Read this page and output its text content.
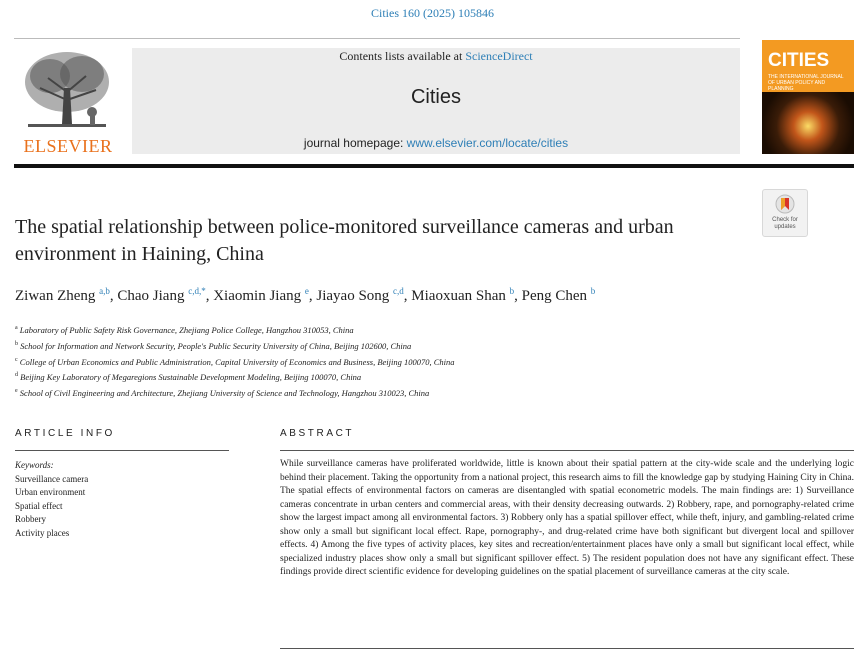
Cities 160 (2025) 105846
ELSEVIER
Contents lists available at ScienceDirect
Cities
journal homepage: www.elsevier.com/locate/cities
CITIES
THE INTERNATIONAL JOURNAL OF URBAN POLICY AND PLANNING
Check for updates
The spatial relationship between police-monitored surveillance cameras and urban environment in Haining, China
Ziwan Zheng $^{a,b}$, Chao Jiang $^{c,d,*}$, Xiaomin Jiang $^e$, Jiayao Song $^{c,d}$, Miaoxuan Shan $^b$, Peng Chen $^b$
$^a$ Laboratory of Public Safety Risk Governance, Zhejiang Police College, Hangzhou 310053, China
$^b$ School for Information and Network Security, People's Public Security University of China, Beijing 102600, China
$^c$ College of Urban Economics and Public Administration, Capital University of Economics and Business, Beijing 100070, China
$^d$ Beijing Key Laboratory of Megaregions Sustainable Development Modeling, Beijing 100070, China
$^e$ School of Civil Engineering and Architecture, Zhejiang University of Science and Technology, Hangzhou 310023, China
ARTICLE INFO	ABSTRACT
Keywords:
Surveillance camera
Urban environment
Spatial effect
Robbery
Activity places
While surveillance cameras have proliferated worldwide, little is known about their spatial pattern at the city-wide scale and the underlying logic behind their placement. Taking the opportunity from a national project, this research aims to fill the knowledge gap by studying Haining City in China. The spatial effects of environmental factors on cameras are disentangled with spatial econometric models. The main findings are: 1) Surveillance cameras concentrate in urban centers and commercial areas, with their density decreasing outwards. 2) Robbery, rape, and pornography-related crime show the largest impact among all environmental factors. 3) Robbery only has a spatial spillover effect, while theft, injury, and gambling-related crime show only a small but significant local effect. Rape, pornography-, and drug-related crime have both significant but divergent local and spillover effects. 4) Among the five types of activity places, key sites and recreation/entertainment places have only a small but significant local effect, while specialized industry places show only a small but significant spillover effect. 5) The resident population does not have any significant effect. These findings provide direct scientific evidence for developing guidelines on the spatial placement of surveillance cameras at the city scale.
